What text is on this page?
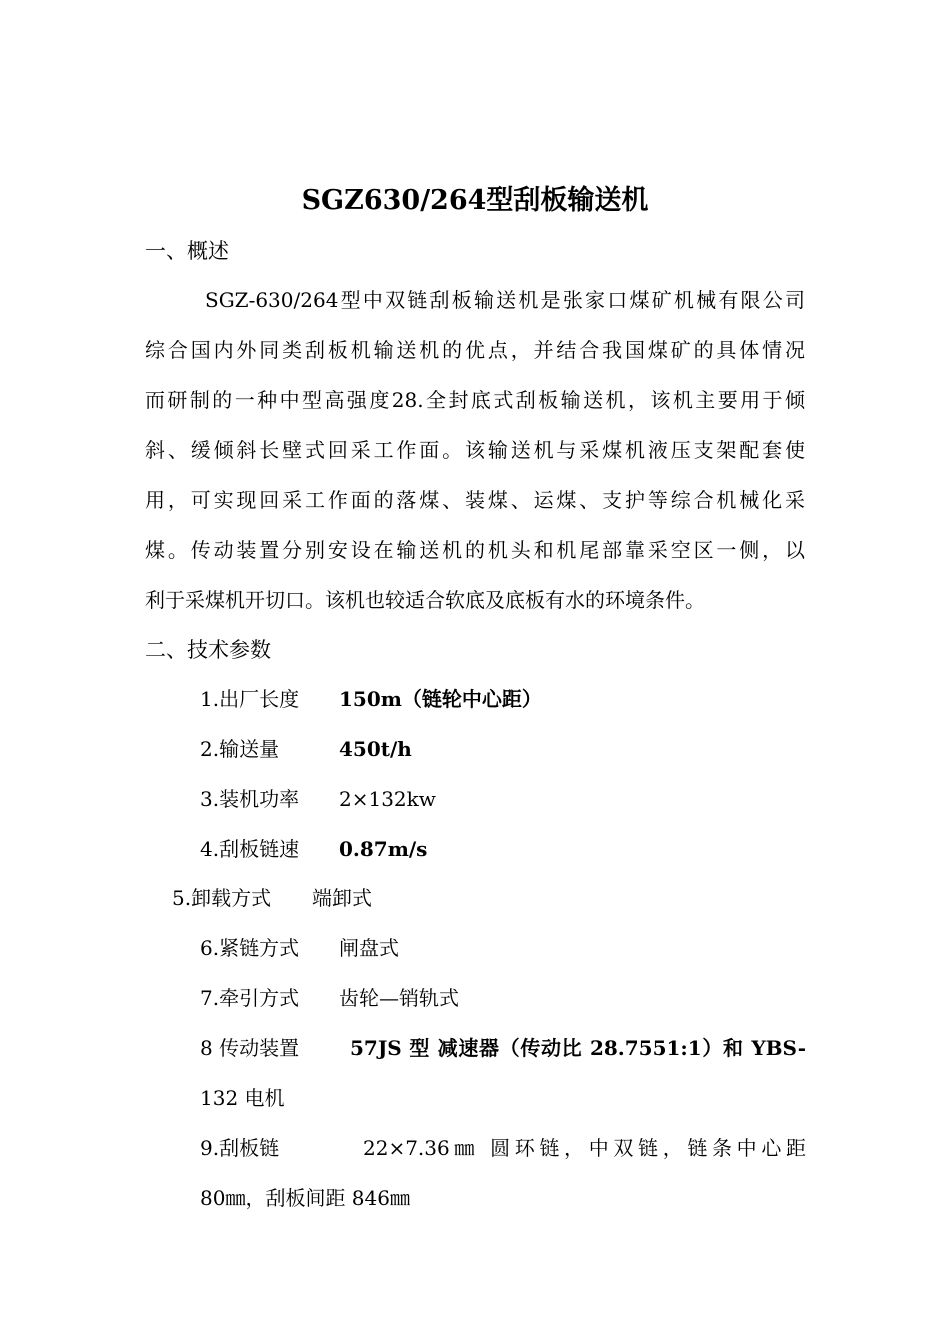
SGZ630/264型刮板输送机
一、概述
SGZ-630/264型中双链刮板输送机是张家口煤矿机械有限公司
综合国内外同类刮板机输送机的优点，并结合我国煤矿的具体情况
而研制的一种中型高强度28.全封底式刮板输送机，该机主要用于倾
斜、缓倾斜长壁式回采工作面。该输送机与采煤机液压支架配套使
用，可实现回采工作面的落煤、装煤、运煤、支护等综合机械化采
煤。传动装置分别安设在输送机的机头和机尾部靠采空区一侧，以
利于采煤机开切口。该机也较适合软底及底板有水的环境条件。
二、技术参数
1.出厂长度 150m（链轮中心距）
2.输送量	450t/h
3.装机功率 2×132kw
4.刮板链速 0.87m/s
5.卸载方式 端卸式
6.紧链方式 闸盘式
7.牵引方式 齿轮—销轨式
8 传动装置	57JS 型 减速器（传动比 28.7551:1）和 YBS-
132 电机
9.刮板链	22×7.36㎜ 圆环链，中双链，链条中心距
80㎜，刮板间距 846㎜
